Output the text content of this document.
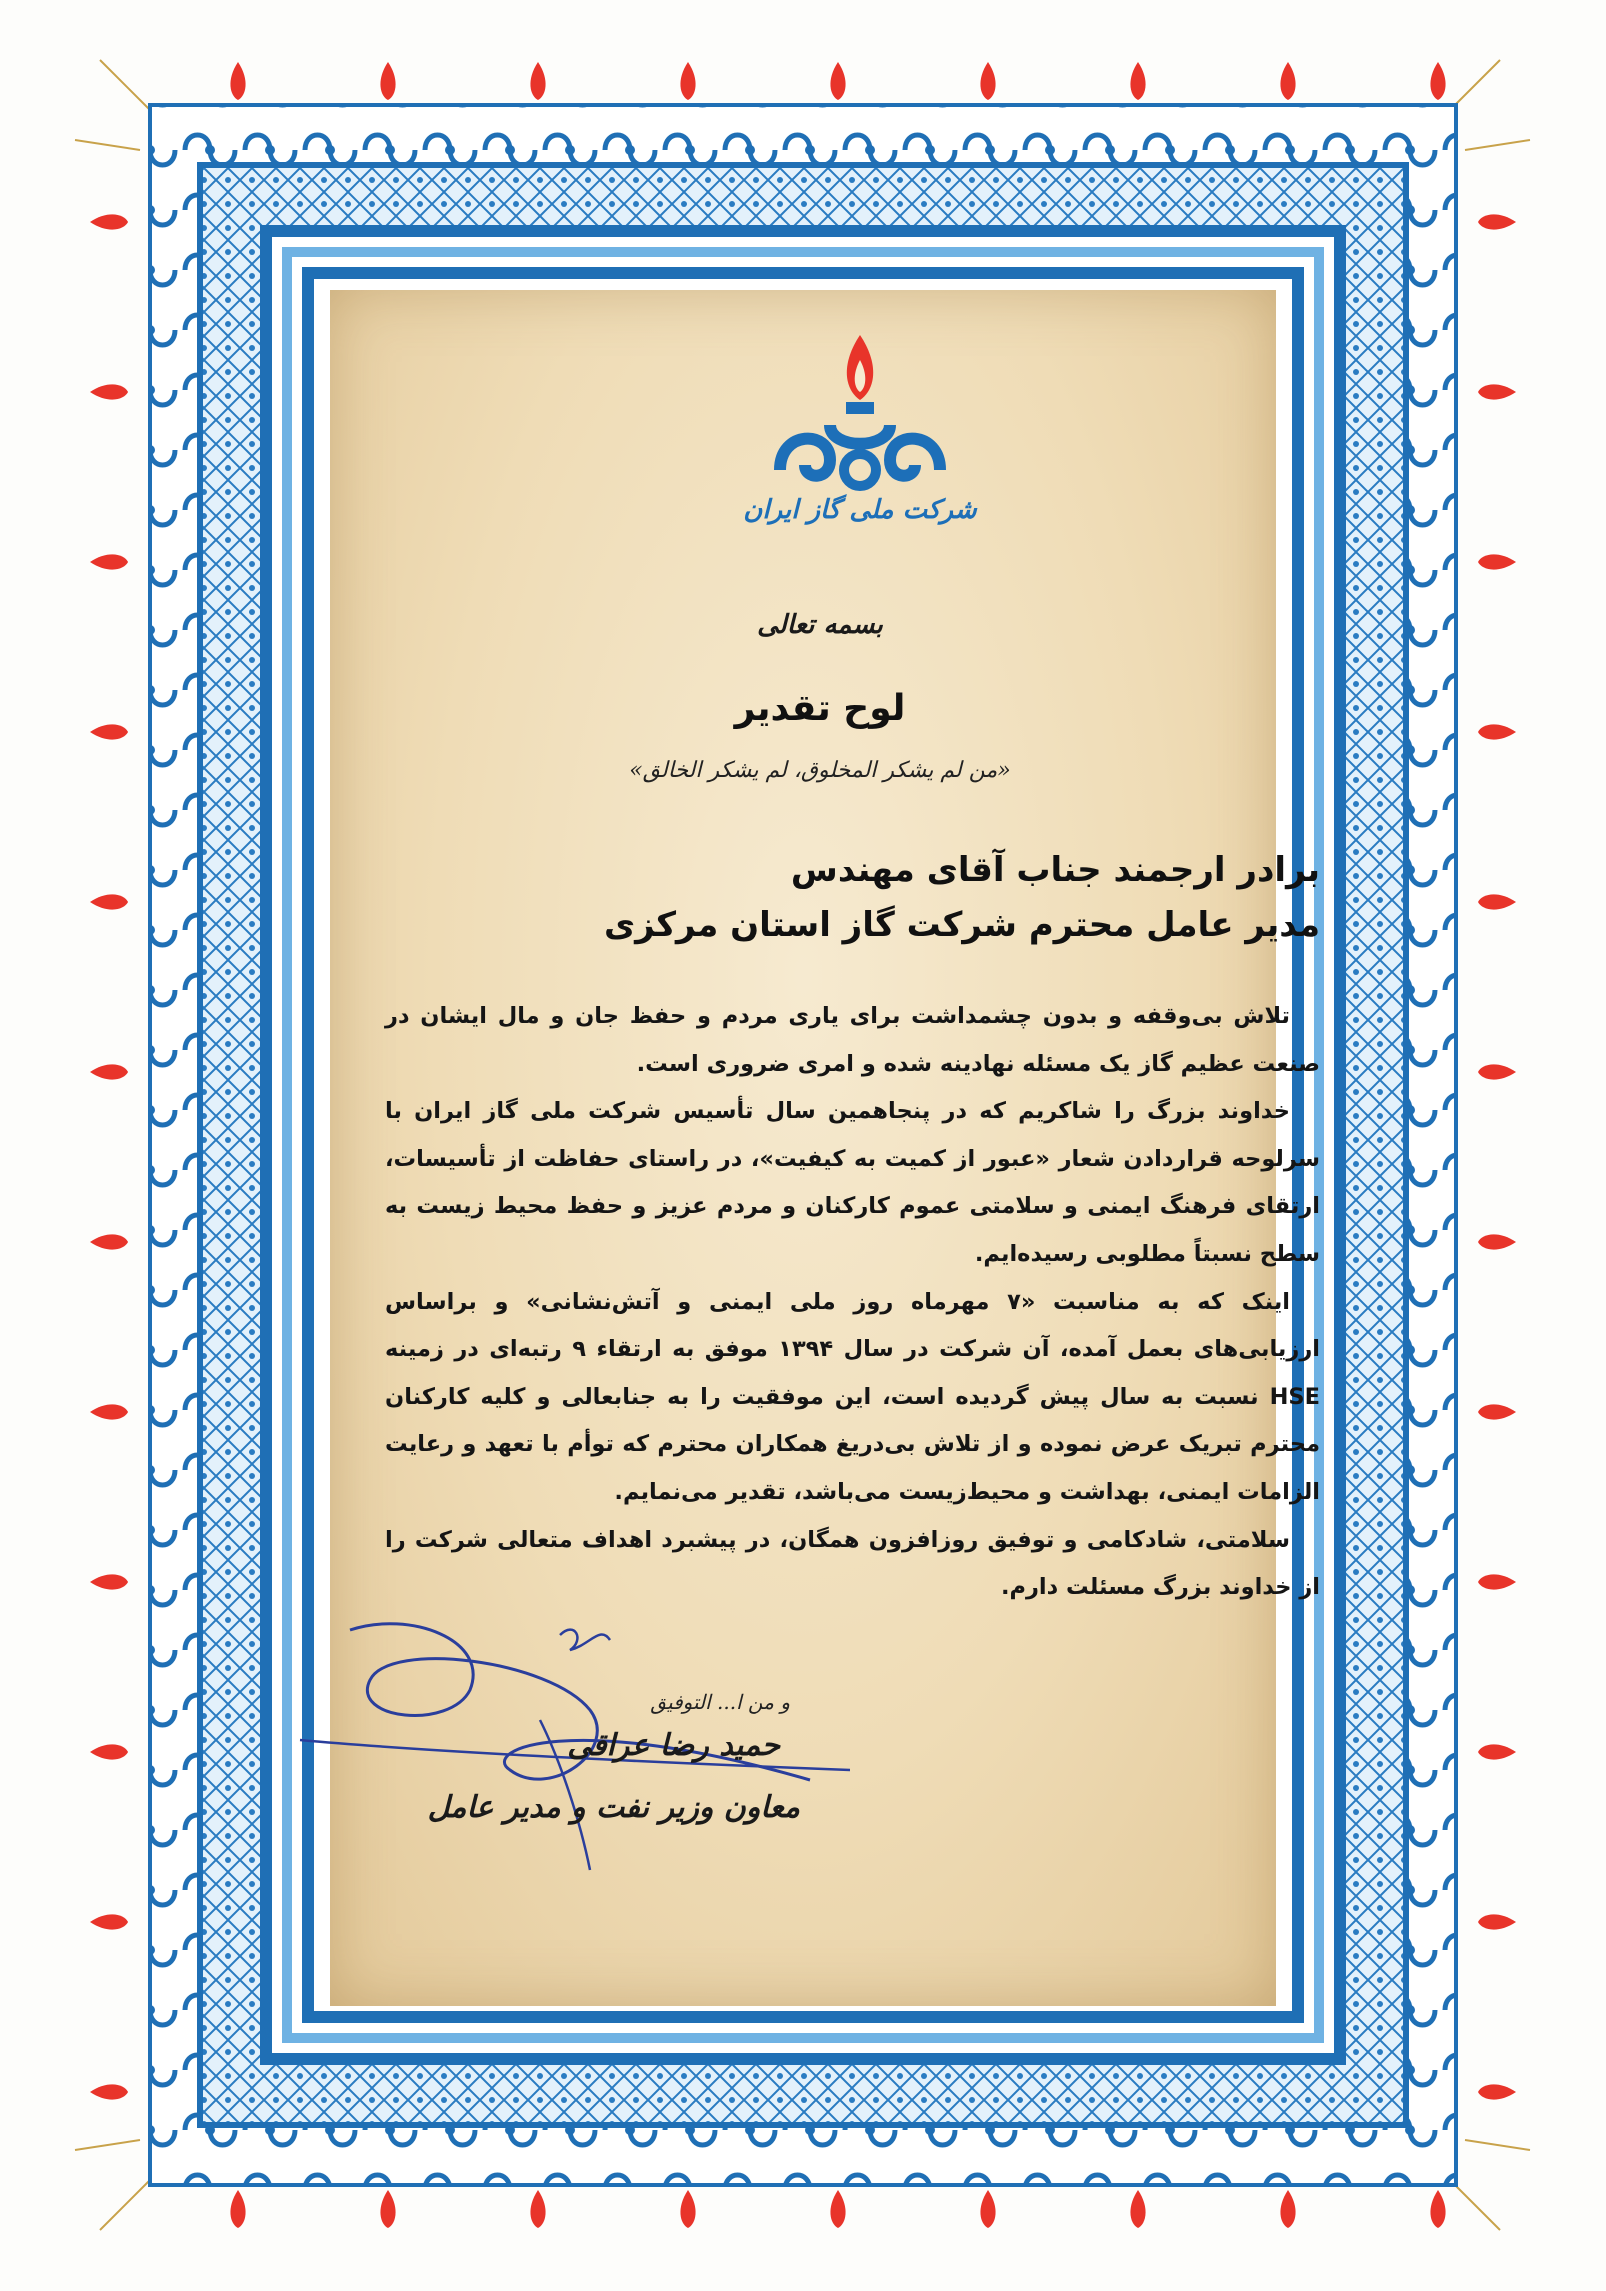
شرکت ملی گاز ایران
بسمه تعالی
لوح تقدیر
«من لم یشکر المخلوق، لم یشکر الخالق»
برادر ارجمند جناب آقای مهندس
مدیر عامل محترم شرکت گاز استان مرکزی

تلاش بی‌وقفه و بدون چشمداشت برای یاری مردم و حفظ جان و مال ایشان در صنعت عظیم گاز یک مسئله نهادینه شده و امری ضروری است.

خداوند بزرگ را شاکریم که در پنجاهمین سال تأسیس شرکت ملی گاز ایران با سرلوحه قراردادن شعار «عبور از کمیت به کیفیت»، در راستای حفاظت از تأسیسات، ارتقای فرهنگ ایمنی و سلامتی عموم کارکنان و مردم عزیز و حفظ محیط زیست به سطح نسبتاً مطلوبی رسیده‌ایم.

اینک که به مناسبت «۷ مهرماه روز ملی ایمنی و آتش‌نشانی» و براساس ارزیابی‌های بعمل آمده، آن شرکت در سال ۱۳۹۴ موفق به ارتقاء ۹ رتبه‌ای در زمینه HSE نسبت به سال پیش گردیده است، این موفقیت را به جنابعالی و کلیه کارکنان محترم تبریک عرض نموده و از تلاش بی‌دریغ همکاران محترم که توأم با تعهد و رعایت الزامات ایمنی، بهداشت و محیط‌زیست می‌باشد، تقدیر می‌نمایم.

سلامتی، شادکامی و توفیق روزافزون همگان، در پیشبرد اهداف متعالی شرکت را از خداوند بزرگ مسئلت دارم.

و من ا... التوفیق
حمید رضا عراقی
معاون وزیر نفت و مدیر عامل
